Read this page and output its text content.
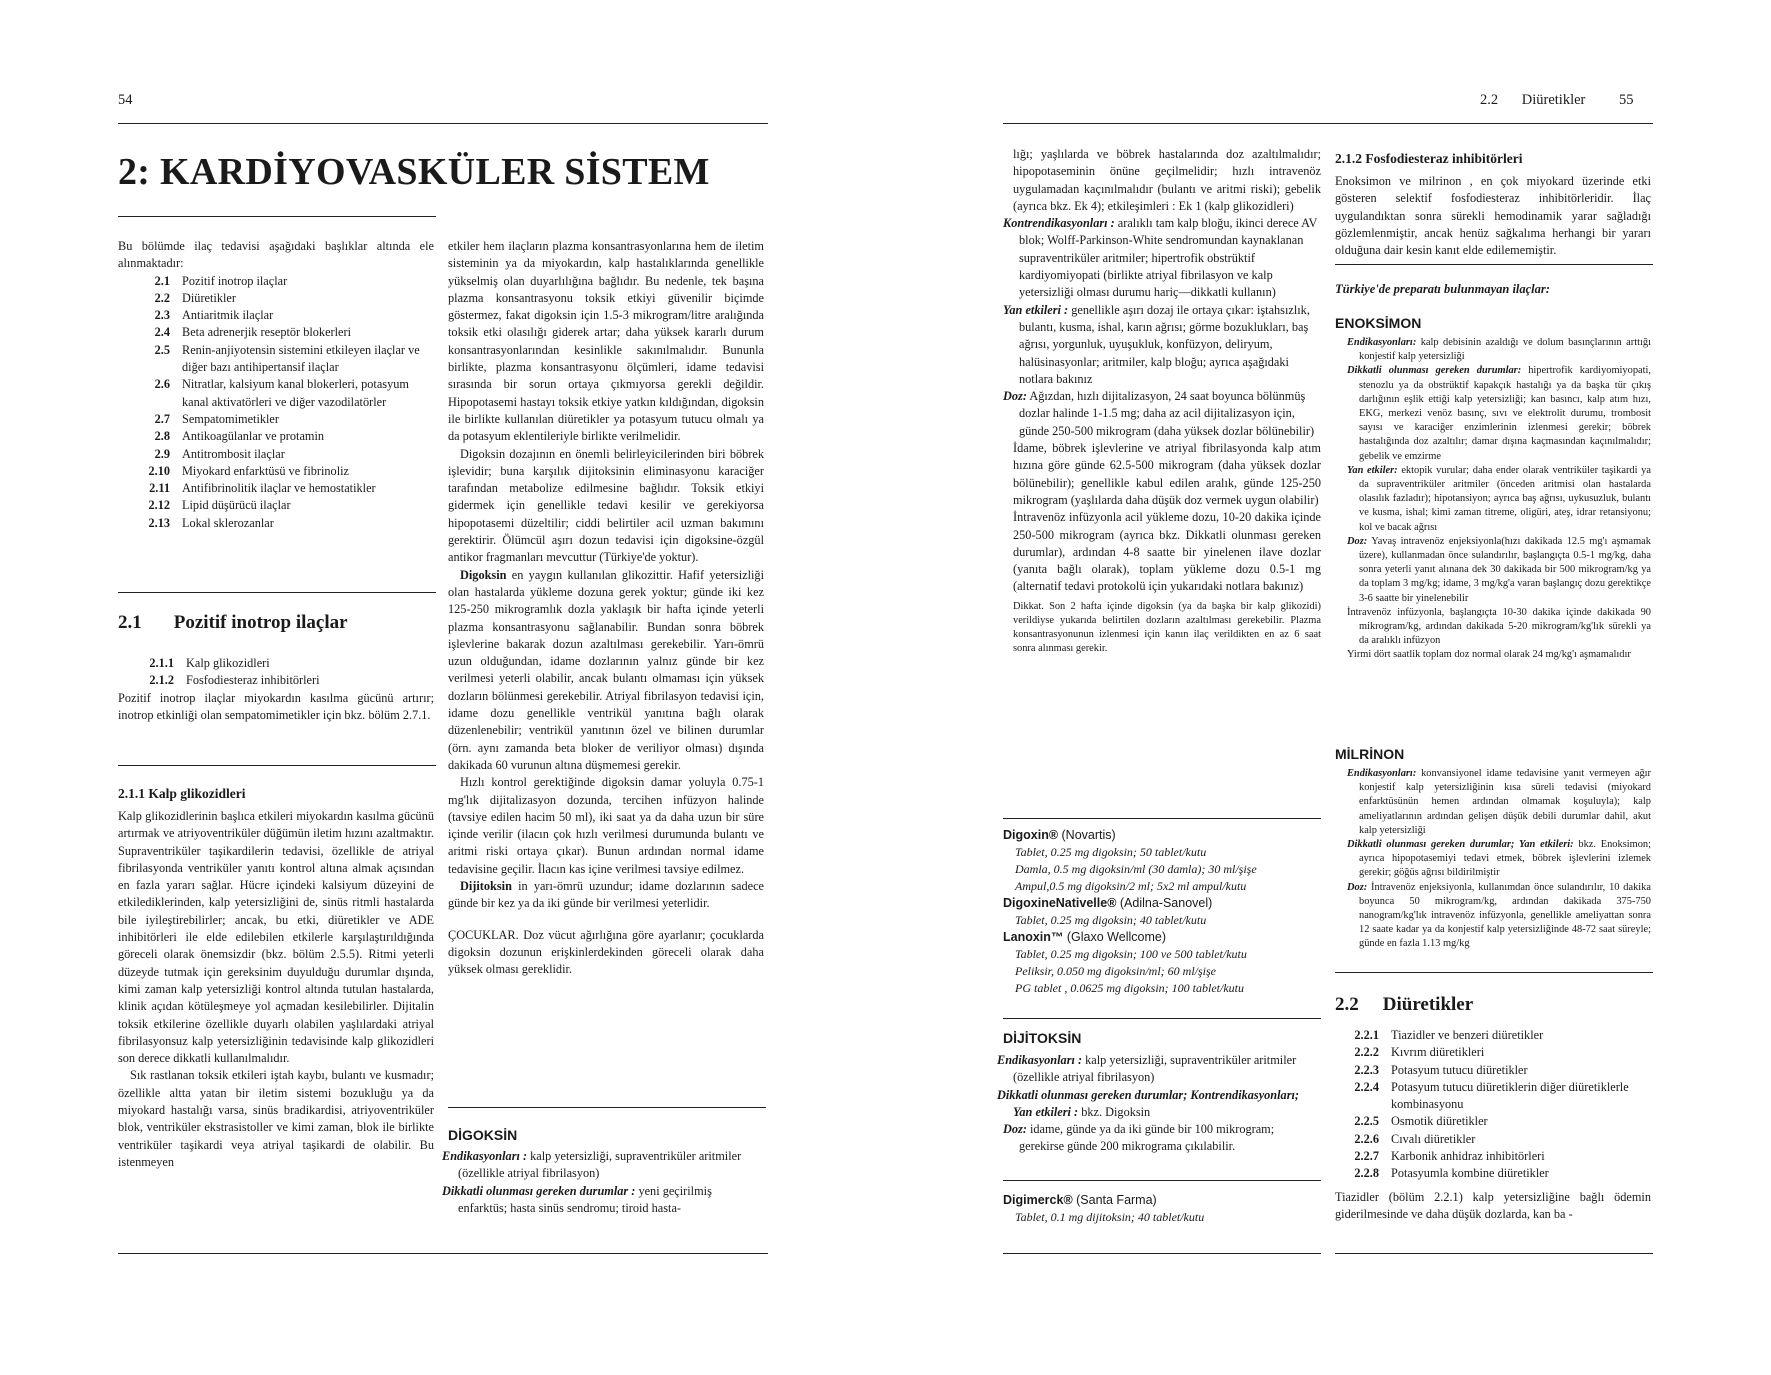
54
2: KARDİYOVASKÜLER SİSTEM

Bu bölümde ilaç tedavisi aşağıdaki başlıklar altında ele alınmaktadır:

2.1 Pozitif inotrop ilaçlar
2.2 Diüretikler
2.3 Antiaritmik ilaçlar
2.4 Beta adrenerjik reseptör blokerleri
2.5 Renin-anjiyotensin sistemini etkileyen ilaçlar ve diğer bazı antihipertansif ilaçlar
2.6 Nitratlar, kalsiyum kanal blokerleri, potasyum kanal aktivatörleri ve diğer vazodilatörler
2.7 Sempatomimetikler
2.8 Antikoagülanlar ve protamin
2.9 Antitrombosit ilaçlar
2.10 Miyokard enfarktüsü ve fibrinoliz
2.11 Antifibrinolitik ilaçlar ve hemostatikler
2.12 Lipid düşürücü ilaçlar
2.13 Lokal sklerozanlar
2.1 Pozitif inotrop ilaçlar
2.1.1 Kalp glikozidleri
2.1.2 Fosfodiesteraz inhibitörleri

Pozitif inotrop ilaçlar miyokardın kasılma gücünü artırır; inotrop etkinliği olan sempatomimetikler için bkz. bölüm 2.7.1.

2.1.1 Kalp glikozidleri

Kalp glikozidlerinin başlıca etkileri miyokardın kasılma gücünü artırmak ve atriyoventriküler düğümün iletim hızını azaltmaktır. Supraventriküler taşikardilerin tedavisi, özellikle de atriyal fibrilasyonda ventriküler yanıtı kontrol altına almak açısından en fazla yararı sağlar. Hücre içindeki kalsiyum düzeyini de etkilediklerinden, kalp yetersizliğini de, sinüs ritmli hastalarda bile iyileştirebilirler; ancak, bu etki, diüretikler ve ADE inhibitörleri ile elde edilebilen etkilerle karşılaştırıldığında göreceli olarak önemsizdir (bkz. bölüm 2.5.5). Ritmi yeterli düzeyde tutmak için gereksinim duyulduğu durumlar dışında, kimi zaman kalp yetersizliği kontrol altında tutulan hastalarda, klinik açıdan kötüleşmeye yol açmadan kesilebilirler. Dijitalin toksik etkilerine özellikle duyarlı olabilen yaşlılardaki atriyal fibrilasyonsuz kalp yetersizliğinin tedavisinde kalp glikozidleri son derece dikkatli kullanılmalıdır.

Sık rastlanan toksik etkileri iştah kaybı, bulantı ve kusmadır; özellikle altta yatan bir iletim sistemi bozukluğu ya da miyokard hastalığı varsa, sinüs bradikardisi, atriyoventriküler blok, ventriküler ekstrasistoller ve kimi zaman, blok ile birlikte ventriküler taşikardi veya atriyal taşikardi de olabilir. Bu istenmeyen

etkiler hem ilaçların plazma konsantrasyonlarına hem de iletim sisteminin ya da miyokardın, kalp hastalıklarında genellikle yükselmiş olan duyarlılığına bağlıdır. Bu nedenle, tek başına plazma konsantrasyonu toksik etkiyi güvenilir biçimde göstermez, fakat digoksin için 1.5-3 mikrogram/litre aralığında toksik etki olasılığı giderek artar; daha yüksek kararlı durum konsantrasyonlarından kesinlikle sakınılmalıdır. Bununla birlikte, plazma konsantrasyonu ölçümleri, idame tedavisi sırasında bir sorun ortaya çıkmıyorsa gerekli değildir. Hipopotasemi hastayı toksik etkiye yatkın kıldığından, digoksin ile birlikte kullanılan diüretikler ya potasyum tutucu olmalı ya da potasyum eklentileriyle birlikte verilmelidir.

Digoksin dozajının en önemli belirleyicilerinden biri böbrek işlevidir; buna karşılık dijitoksinin eliminasyonu karaciğer tarafından metabolize edilmesine bağlıdır. Toksik etkiyi gidermek için genellikle tedavi kesilir ve gerekiyorsa hipopotasemi düzeltilir; ciddi belirtiler acil uzman bakımını gerektirir. Ölümcül aşırı dozun tedavisi için digoksine-özgül antikor fragmanları mevcuttur (Türkiye'de yoktur).

Digoksin en yaygın kullanılan glikozittir. Hafif yetersizliği olan hastalarda yükleme dozuna gerek yoktur; günde iki kez 125-250 mikrogramlık dozla yaklaşık bir hafta içinde yeterli plazma konsantrasyonu sağlanabilir. Bundan sonra böbrek işlevlerine bakarak dozun azaltılması gerekebilir. Yarı-ömrü uzun olduğundan, idame dozlarının yalnız günde bir kez verilmesi yeterli olabilir, ancak bulantı olmaması için yüksek dozların bölünmesi gerekebilir. Atriyal fibrilasyon tedavisi için, idame dozu genellikle ventrikül yanıtına bağlı olarak düzenlenebilir; ventrikül yanıtının özel ve bilinen durumlar (örn. aynı zamanda beta bloker de veriliyor olması) dışında dakikada 60 vurunun altına düşmemesi gerekir.

Hızlı kontrol gerektiğinde digoksin damar yoluyla 0.75-1 mg'lık dijitalizasyon dozunda, tercihen infüzyon halinde (tavsiye edilen hacim 50 ml), iki saat ya da daha uzun bir süre içinde verilir (ilacın çok hızlı verilmesi durumunda bulantı ve aritmi riski ortaya çıkar). Bunun ardından normal idame tedavisine geçilir. İlacın kas içine verilmesi tavsiye edilmez.

Dijitoksin in yarı-ömrü uzundur; idame dozlarının sadece günde bir kez ya da iki günde bir verilmesi yeterlidir.

ÇOCUKLAR. Doz vücut ağırlığına göre ayarlanır; çocuklarda digoksin dozunun erişkinlerdekinden göreceli olarak daha yüksek olması gereklidir.

DİGOKSİN

Endikasyonları : kalp yetersizliği, supraventriküler aritmiler (özellikle atriyal fibrilasyon)

Dikkatli olunması gereken durumlar : yeni geçirilmiş enfarktüs; hasta sinüs sendromu; tiroid hasta-

2.2 Diüretikler 55

lığı; yaşlılarda ve böbrek hastalarında doz azaltılmalıdır; hipopotaseminin önüne geçilmelidir; hızlı intravenöz uygulamadan kaçınılmalıdır (bulantı ve aritmi riski); gebelik (ayrıca bkz. Ek 4); etkileşimleri : Ek 1 (kalp glikozidleri)

Kontrendikasyonları : aralıklı tam kalp bloğu, ikinci derece AV blok; Wolff-Parkinson-White sendromundan kaynaklanan supraventriküler aritmiler; hipertrofik obstrüktif kardiyomiyopati (birlikte atriyal fibrilasyon ve kalp yetersizliği olması durumu hariç—dikkatli kullanın)

Yan etkileri : genellikle aşırı dozaj ile ortaya çıkar: iştahsızlık, bulantı, kusma, ishal, karın ağrısı; görme bozuklukları, baş ağrısı, yorgunluk, uyuşukluk, konfüzyon, deliryum, halüsinasyonlar; aritmiler, kalp bloğu; ayrıca aşağıdaki notlara bakınız

Doz: Ağızdan, hızlı dijitalizasyon, 24 saat boyunca bölünmüş dozlar halinde 1-1.5 mg; daha az acil dijitalizasyon için, günde 250-500 mikrogram (daha yüksek dozlar bölünebilir)

İdame, böbrek işlevlerine ve atriyal fibrilasyonda kalp atım hızına göre günde 62.5-500 mikrogram (daha yüksek dozlar bölünebilir); genellikle kabul edilen aralık, günde 125-250 mikrogram (yaşlılarda daha düşük doz vermek uygun olabilir)

İntravenöz infüzyonla acil yükleme dozu, 10-20 dakika içinde 250-500 mikrogram (ayrıca bkz. Dikkatli olunması gereken durumlar), ardından 4-8 saatte bir yinelenen ilave dozlar (yanıta bağlı olarak), toplam yükleme dozu 0.5-1 mg (alternatif tedavi protokolü için yukarıdaki notlara bakınız)

Dikkat. Son 2 hafta içinde digoksin (ya da başka bir kalp glikozidi) verildiyse yukarıda belirtilen dozların azaltılması gerekebilir. Plazma konsantrasyonunun izlenmesi için kanın ilaç verildikten en az 6 saat sonra alınması gerekir.

Digoxin® (Novartis)
Tablet, 0.25 mg digoksin; 50 tablet/kutu
Damla, 0.5 mg digoksin/ml (30 damla); 30 ml/şişe
Ampul,0.5 mg digoksin/2 ml; 5x2 ml ampul/kutu
DigoxineNativelle® (Adilna-Sanovel)
Tablet, 0.25 mg digoksin; 40 tablet/kutu
Lanoxin™ (Glaxo Wellcome)
Tablet, 0.25 mg digoksin; 100 ve 500 tablet/kutu
Peliksir, 0.050 mg digoksin/ml; 60 ml/şişe
PG tablet , 0.0625 mg digoksin; 100 tablet/kutu
DİJİTOKSİN

Endikasyonları : kalp yetersizliği, supraventriküler aritmiler (özellikle atriyal fibrilasyon)

Dikkatli olunması gereken durumlar; Kontrendikasyonları; Yan etkileri : bkz. Digoksin

Doz: idame, günde ya da iki günde bir 100 mikrogram; gerekirse günde 200 mikrograma çıkılabilir.

Digimerck® (Santa Farma)
Tablet, 0.1 mg dijitoksin; 40 tablet/kutu
2.1.2 Fosfodiesteraz inhibitörleri

Enoksimon ve milrinon , en çok miyokard üzerinde etki gösteren selektif fosfodiesteraz inhibitörleridir. İlaç uygulandıktan sonra sürekli hemodinamik yarar sağladığı gözlemlenmiştir, ancak henüz sağkalıma herhangi bir yararı olduğuna dair kesin kanıt elde edilememiştir.

Türkiye'de preparatı bulunmayan ilaçlar:
ENOKSİMON

Endikasyonları: kalp debisinin azaldığı ve dolum basınçlarının arttığı konjestif kalp yetersizliği

Dikkatli olunması gereken durumlar: hipertrofik kardiyomiyopati, stenozlu ya da obstrüktif kapakçık hastalığı ya da başka tür çıkış darlığının eşlik ettiği kalp yetersizliği; kan basıncı, kalp atım hızı, EKG, merkezi venöz basınç, sıvı ve elektrolit durumu, trombosit sayısı ve karaciğer enzimlerinin izlenmesi gerekir; böbrek hastalığında doz azaltılır; damar dışına kaçmasından kaçınılmalıdır; gebelik ve emzirme

Yan etkiler: ektopik vurular; daha ender olarak ventriküler taşikardi ya da supraventriküler aritmiler (önceden aritmisi olan hastalarda olasılık fazladır); hipotansiyon; ayrıca baş ağrısı, uykusuzluk, bulantı ve kusma, ishal; kimi zaman titreme, oligüri, ateş, idrar retansiyonu; kol ve bacak ağrısı

Doz: Yavaş intravenöz enjeksiyonla(hızı dakikada 12.5 mg'ı aşmamak üzere), kullanmadan önce sulandırılır, başlangıçta 0.5-1 mg/kg, daha sonra yeterli yanıt alınana dek 30 dakikada bir 500 mikrogram/kg ya da toplam 3 mg/kg; idame, 3 mg/kg'a varan başlangıç dozu gerektikçe 3-6 saatte bir yinelenebilir

İntravenöz infüzyonla, başlangıçta 10-30 dakika içinde dakikada 90 mikrogram/kg, ardından dakikada 5-20 mikrogram/kg'lık sürekli ya da aralıklı infüzyon

Yirmi dört saatlik toplam doz normal olarak 24 mg/kg'ı aşmamalıdır

MİLRİNON

Endikasyonları: konvansiyonel idame tedavisine yanıt vermeyen ağır konjestif kalp yetersizliğinin kısa süreli tedavisi (miyokard enfarktüsünün hemen ardından olmamak koşuluyla); kalp ameliyatlarının ardından gelişen düşük debili durumlar dahil, akut kalp yetersizliği

Dikkatli olunması gereken durumlar; Yan etkileri: bkz. Enoksimon; ayrıca hipopotasemiyi tedavi etmek, böbrek işlevlerini izlemek gerekir; göğüs ağrısı bildirilmiştir

Doz: İntravenöz enjeksiyonla, kullanımdan önce sulandırılır, 10 dakika boyunca 50 mikrogram/kg, ardından dakikada 375-750 nanogram/kg'lık intravenöz infüzyonla, genellikle ameliyattan sonra 12 saate kadar ya da konjestif kalp yetersizliğinde 48-72 saat süreyle; günde en fazla 1.13 mg/kg

2.2 Diüretikler
2.2.1 Tiazidler ve benzeri diüretikler
2.2.2 Kıvrım diüretikleri
2.2.3 Potasyum tutucu diüretikler
2.2.4 Potasyum tutucu diüretiklerin diğer diüretiklerle kombinasyonu
2.2.5 Osmotik diüretikler
2.2.6 Cıvalı diüretikler
2.2.7 Karbonik anhidraz inhibitörleri
2.2.8 Potasyumla kombine diüretikler

Tiazidler (bölüm 2.2.1) kalp yetersizliğine bağlı ödemin giderilmesinde ve daha düşük dozlarda, kan ba -
